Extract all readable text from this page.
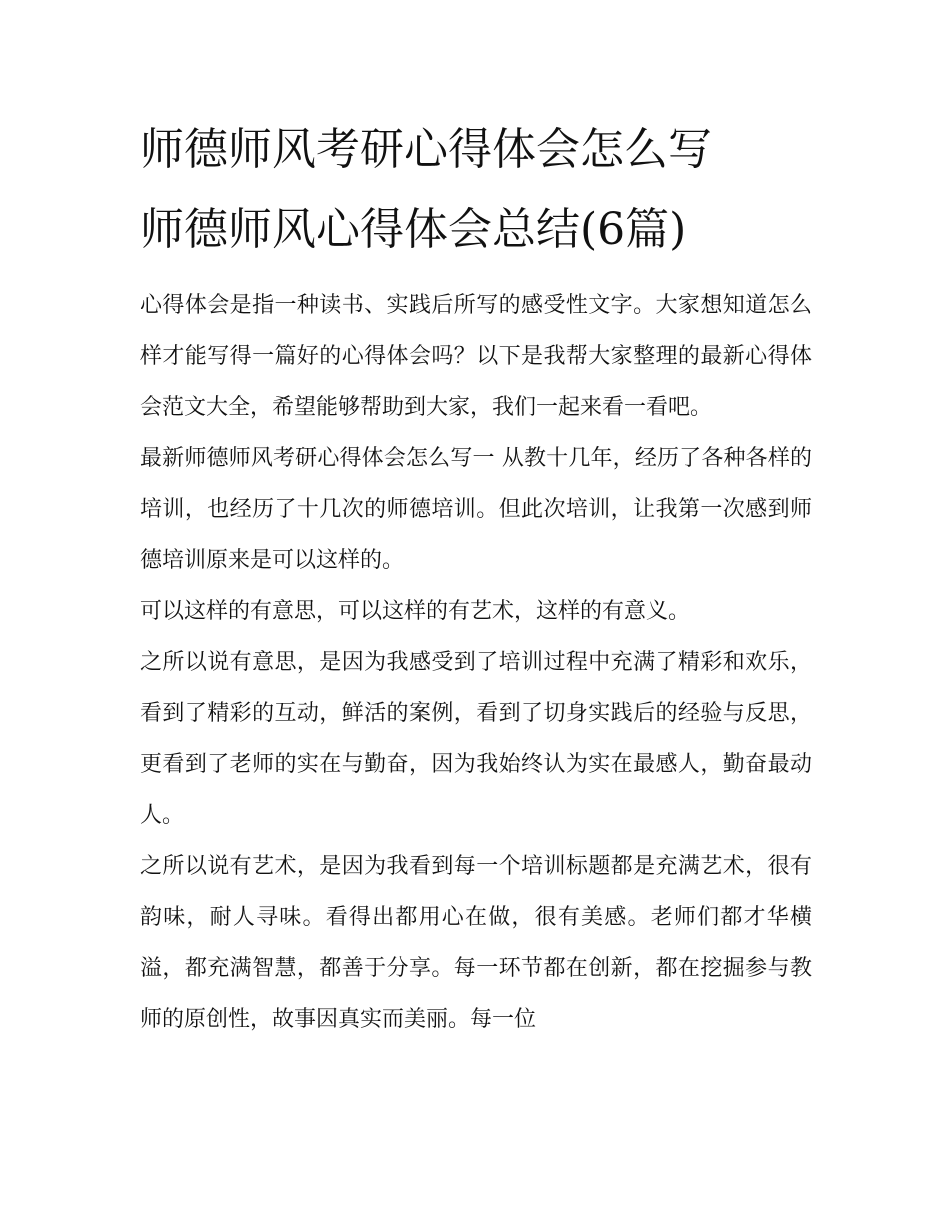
师德师风考研心得体会怎么写
师德师风心得体会总结(6篇)

心得体会是指一种读书、实践后所写的感受性文字。大家想知道怎么样才能写得一篇好的心得体会吗？以下是我帮大家整理的最新心得体会范文大全，希望能够帮助到大家，我们一起来看一看吧。

最新师德师风考研心得体会怎么写一 从教十几年，经历了各种各样的培训，也经历了十几次的师德培训。但此次培训，让我第一次感到师德培训原来是可以这样的。

可以这样的有意思，可以这样的有艺术，这样的有意义。

之所以说有意思，是因为我感受到了培训过程中充满了精彩和欢乐，看到了精彩的互动，鲜活的案例，看到了切身实践后的经验与反思，更看到了老师的实在与勤奋，因为我始终认为实在最感人，勤奋最动人。

之所以说有艺术，是因为我看到每一个培训标题都是充满艺术，很有韵味，耐人寻味。看得出都用心在做，很有美感。老师们都才华横溢，都充满智慧，都善于分享。每一环节都在创新，都在挖掘参与教师的原创性，故事因真实而美丽。每一位
